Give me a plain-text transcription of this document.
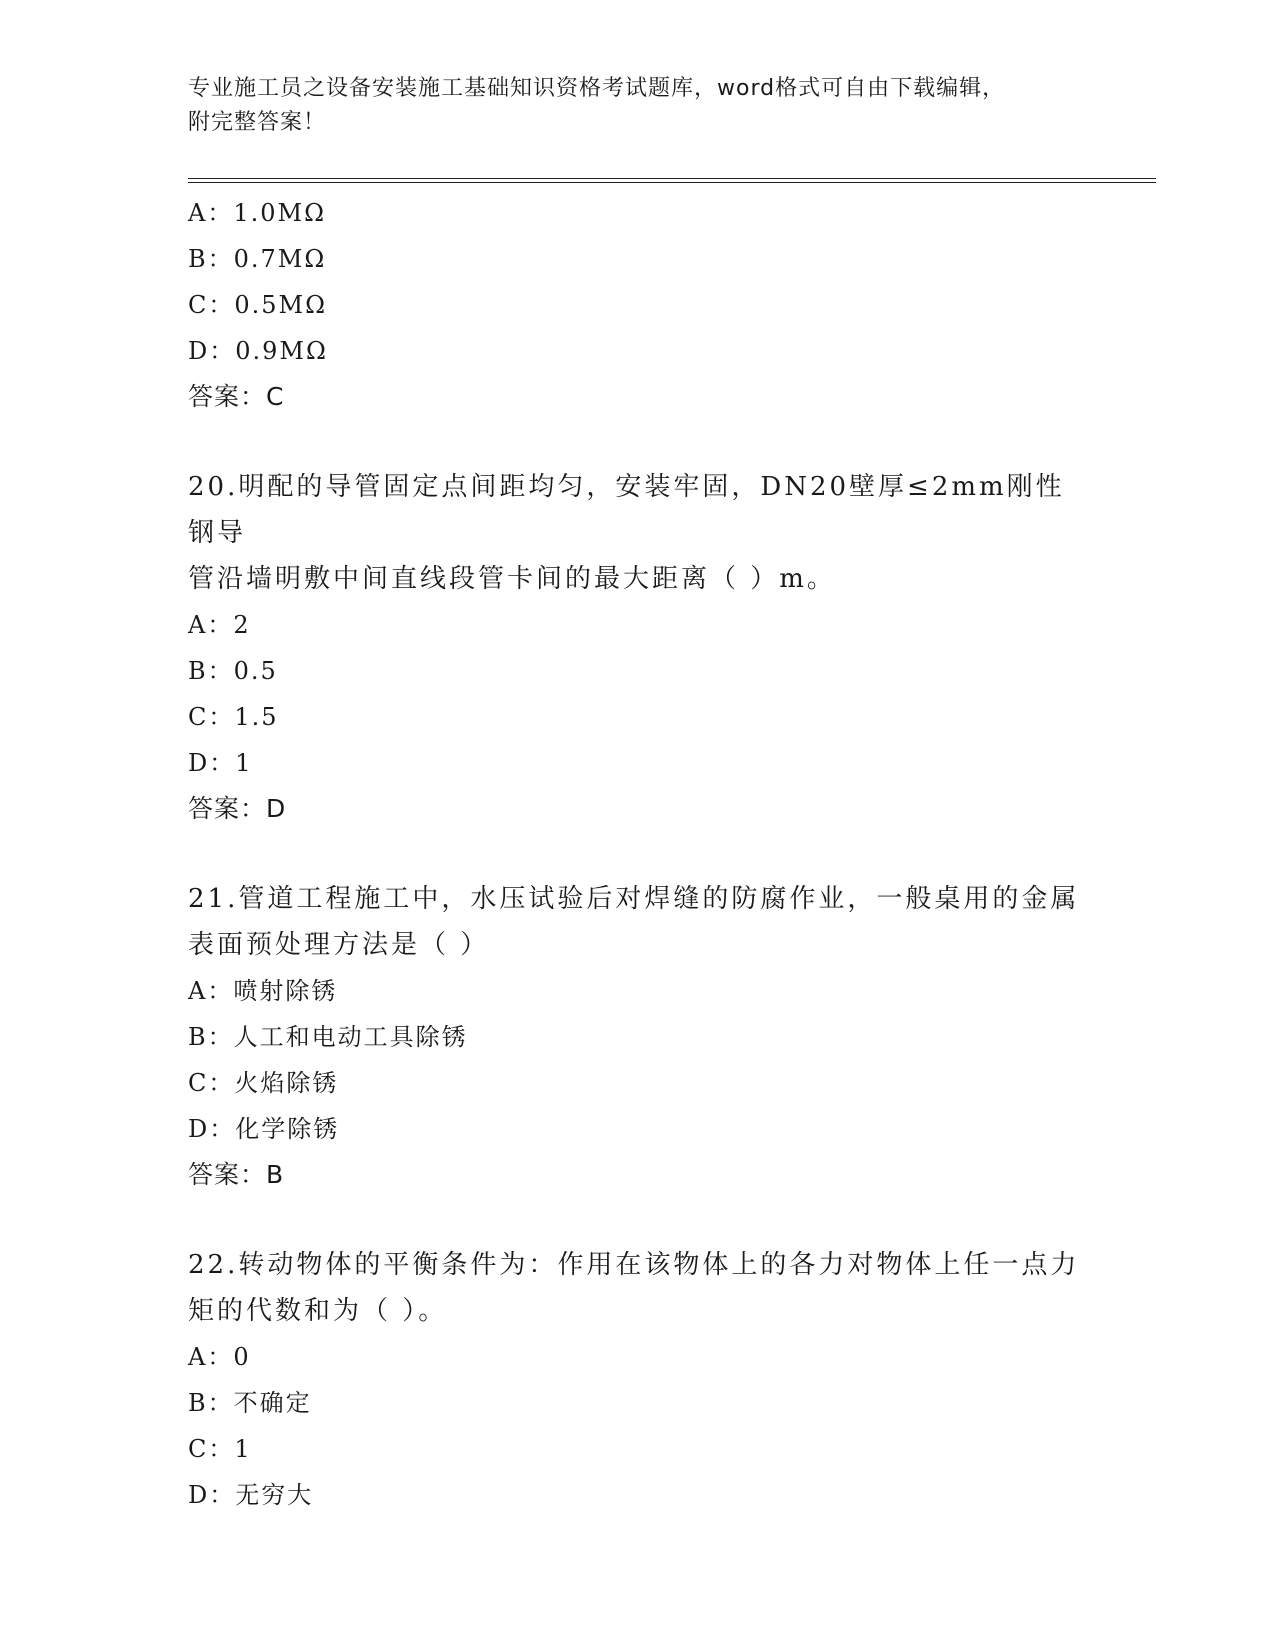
专业施工员之设备安装施工基础知识资格考试题库，word格式可自由下载编辑，
附完整答案！
A：1.0MΩ
B：0.7MΩ
C：0.5MΩ
D：0.9MΩ
答案：C
20.明配的导管固定点间距均匀，安装牢固，DN20壁厚≤2mm刚性钢导
管沿墙明敷中间直线段管卡间的最大距离（ ）m。
A：2
B：0.5
C：1.5
D：1
答案：D
21.管道工程施工中，水压试验后对焊缝的防腐作业，一般桌用的金属
表面预处理方法是（ ）
A：喷射除锈
B：人工和电动工具除锈
C：火焰除锈
D：化学除锈
答案：B
22.转动物体的平衡条件为：作用在该物体上的各力对物体上任一点力
矩的代数和为（ ）。
A：0
B：不确定
C：1
D：无穷大
